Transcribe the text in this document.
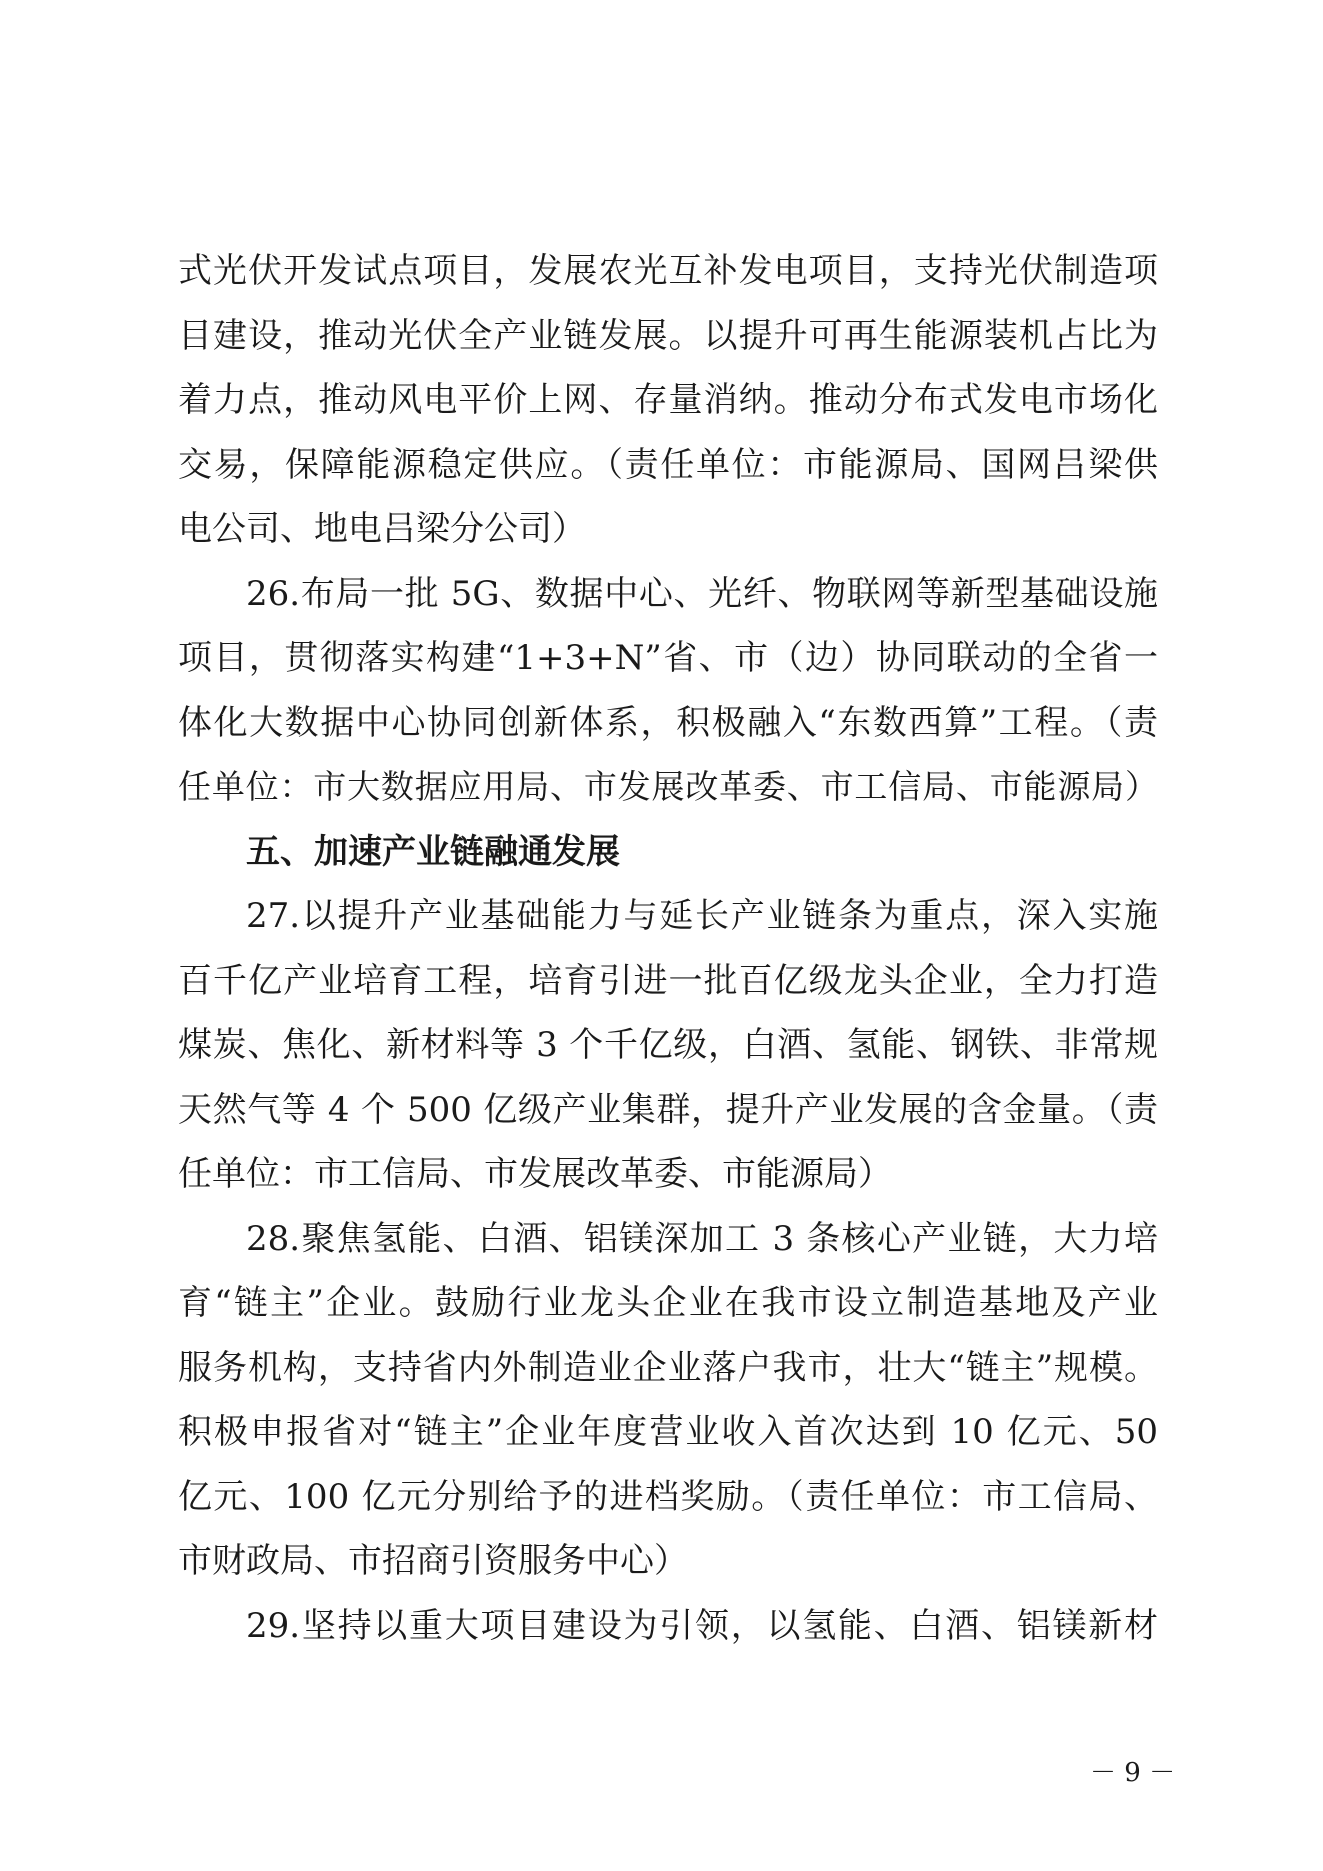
式光伏开发试点项目，发展农光互补发电项目，支持光伏制造项
目建设，推动光伏全产业链发展。以提升可再生能源装机占比为
着力点，推动风电平价上网、存量消纳。推动分布式发电市场化
交易，保障能源稳定供应。（责任单位：市能源局、国网吕梁供
电公司、地电吕梁分公司）
26.布局一批 5G、数据中心、光纤、物联网等新型基础设施
项目，贯彻落实构建“1+3+N”省、市（边）协同联动的全省一
体化大数据中心协同创新体系，积极融入“东数西算”工程。（责
任单位：市大数据应用局、市发展改革委、市工信局、市能源局）
五、加速产业链融通发展
27.以提升产业基础能力与延长产业链条为重点，深入实施
百千亿产业培育工程，培育引进一批百亿级龙头企业，全力打造
煤炭、焦化、新材料等 3 个千亿级，白酒、氢能、钢铁、非常规
天然气等 4 个 500 亿级产业集群，提升产业发展的含金量。（责
任单位：市工信局、市发展改革委、市能源局）
28.聚焦氢能、白酒、铝镁深加工 3 条核心产业链，大力培
育“链主”企业。鼓励行业龙头企业在我市设立制造基地及产业
服务机构，支持省内外制造业企业落户我市，壮大“链主”规模。
积极申报省对“链主”企业年度营业收入首次达到 10 亿元、50
亿元、100 亿元分别给予的进档奖励。（责任单位：市工信局、
市财政局、市招商引资服务中心）
29.坚持以重大项目建设为引领，以氢能、白酒、铝镁新材
－ 9 －
